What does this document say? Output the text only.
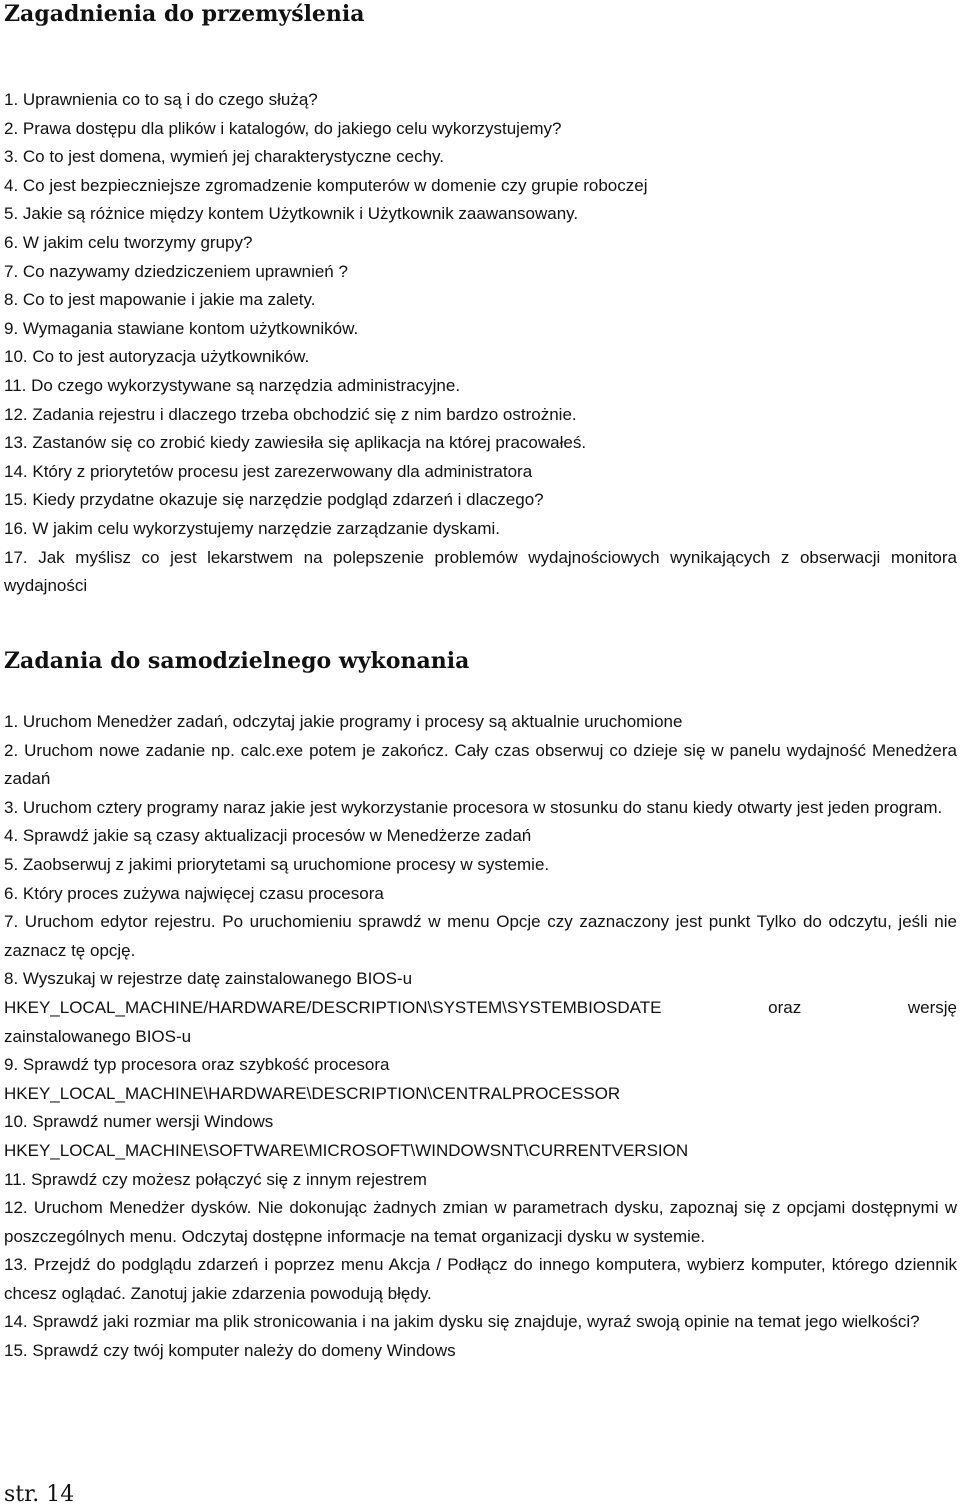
Zagadnienia do przemyślenia
1. Uprawnienia co to są i do czego służą?
2. Prawa dostępu dla plików i katalogów, do jakiego celu wykorzystujemy?
3. Co to jest domena, wymień jej charakterystyczne cechy.
4. Co jest bezpieczniejsze zgromadzenie komputerów w domenie czy grupie roboczej
5. Jakie są różnice między kontem Użytkownik i Użytkownik zaawansowany.
6. W jakim celu tworzymy grupy?
7. Co nazywamy dziedziczeniem uprawnień ?
8. Co to jest mapowanie i jakie ma zalety.
9. Wymagania stawiane kontom użytkowników.
10. Co to jest autoryzacja użytkowników.
11. Do czego wykorzystywane są narzędzia administracyjne.
12. Zadania rejestru i dlaczego trzeba obchodzić się z nim bardzo ostrożnie.
13. Zastanów się co zrobić kiedy zawiesiła się aplikacja na której pracowałeś.
14. Który z priorytetów procesu jest zarezerwowany dla administratora
15. Kiedy przydatne okazuje się narzędzie podgląd zdarzeń i dlaczego?
16. W jakim celu wykorzystujemy narzędzie zarządzanie dyskami.
17. Jak myślisz co jest lekarstwem na polepszenie problemów wydajnościowych wynikających z obserwacji monitora wydajności
Zadania do samodzielnego wykonania
1. Uruchom Menedżer zadań, odczytaj jakie programy i procesy są aktualnie uruchomione
2. Uruchom nowe zadanie np. calc.exe potem je zakończ. Cały czas obserwuj co dzieje się w panelu wydajność Menedżera zadań
3. Uruchom cztery programy naraz jakie jest wykorzystanie procesora w stosunku do stanu kiedy otwarty jest jeden program.
4. Sprawdź jakie są czasy aktualizacji procesów w Menedżerze zadań
5. Zaobserwuj z jakimi priorytetami są uruchomione procesy w systemie.
6. Który proces zużywa najwięcej czasu procesora
7. Uruchom edytor rejestru. Po uruchomieniu sprawdź w menu Opcje czy zaznaczony jest punkt Tylko do odczytu, jeśli nie zaznacz tę opcję.
8. Wyszukaj w rejestrze datę zainstalowanego BIOS-u
HKEY_LOCAL_MACHINE/HARDWARE/DESCRIPTION\SYSTEM\SYSTEMBIOSDATE oraz wersję
zainstalowanego BIOS-u
9. Sprawdź typ procesora oraz szybkość procesora
HKEY_LOCAL_MACHINE\HARDWARE\DESCRIPTION\CENTRALPROCESSOR
10. Sprawdź numer wersji Windows
HKEY_LOCAL_MACHINE\SOFTWARE\MICROSOFT\WINDOWSNT\CURRENTVERSION
11. Sprawdź czy możesz połączyć się z innym rejestrem
12. Uruchom Menedżer dysków. Nie dokonując żadnych zmian w parametrach dysku, zapoznaj się z opcjami dostępnymi w poszczególnych menu. Odczytaj dostępne informacje na temat organizacji dysku w systemie.
13. Przejdź do podglądu zdarzeń i poprzez menu Akcja / Podłącz do innego komputera, wybierz komputer, którego dziennik chcesz oglądać. Zanotuj jakie zdarzenia powodują błędy.
14. Sprawdź jaki rozmiar ma plik stronicowania i na jakim dysku się znajduje, wyraź swoją opinie na temat jego wielkości?
15. Sprawdź czy twój komputer należy do domeny Windows
str. 14
